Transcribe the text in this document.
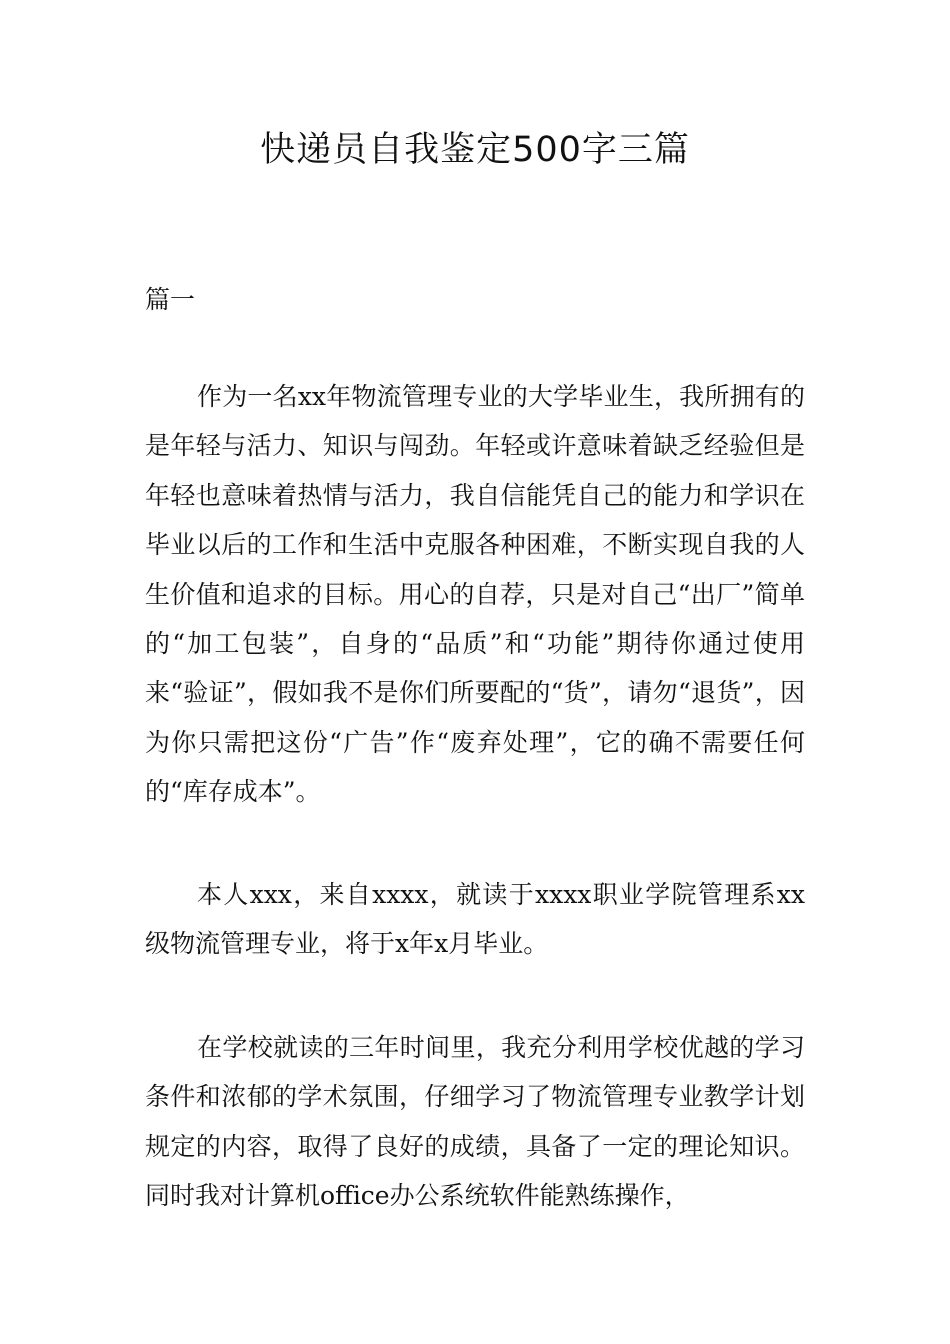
快递员自我鉴定500字三篇
篇一

作为一名xx年物流管理专业的大学毕业生，我所拥有的是年轻与活力、知识与闯劲。年轻或许意味着缺乏经验但是年轻也意味着热情与活力，我自信能凭自己的能力和学识在毕业以后的工作和生活中克服各种困难，不断实现自我的人生价值和追求的目标。用心的自荐，只是对自己“出厂”简单的“加工包装”，自身的“品质”和“功能”期待你通过使用来“验证”，假如我不是你们所要配的“货”，请勿“退货”，因为你只需把这份“广告”作“废弃处理”，它的确不需要任何的“库存成本”。

本人xxx，来自xxxx，就读于xxxx职业学院管理系xx级物流管理专业，将于x年x月毕业。

在学校就读的三年时间里，我充分利用学校优越的学习条件和浓郁的学术氛围，仔细学习了物流管理专业教学计划规定的内容，取得了良好的成绩，具备了一定的理论知识。同时我对计算机office办公系统软件能熟练操作，
